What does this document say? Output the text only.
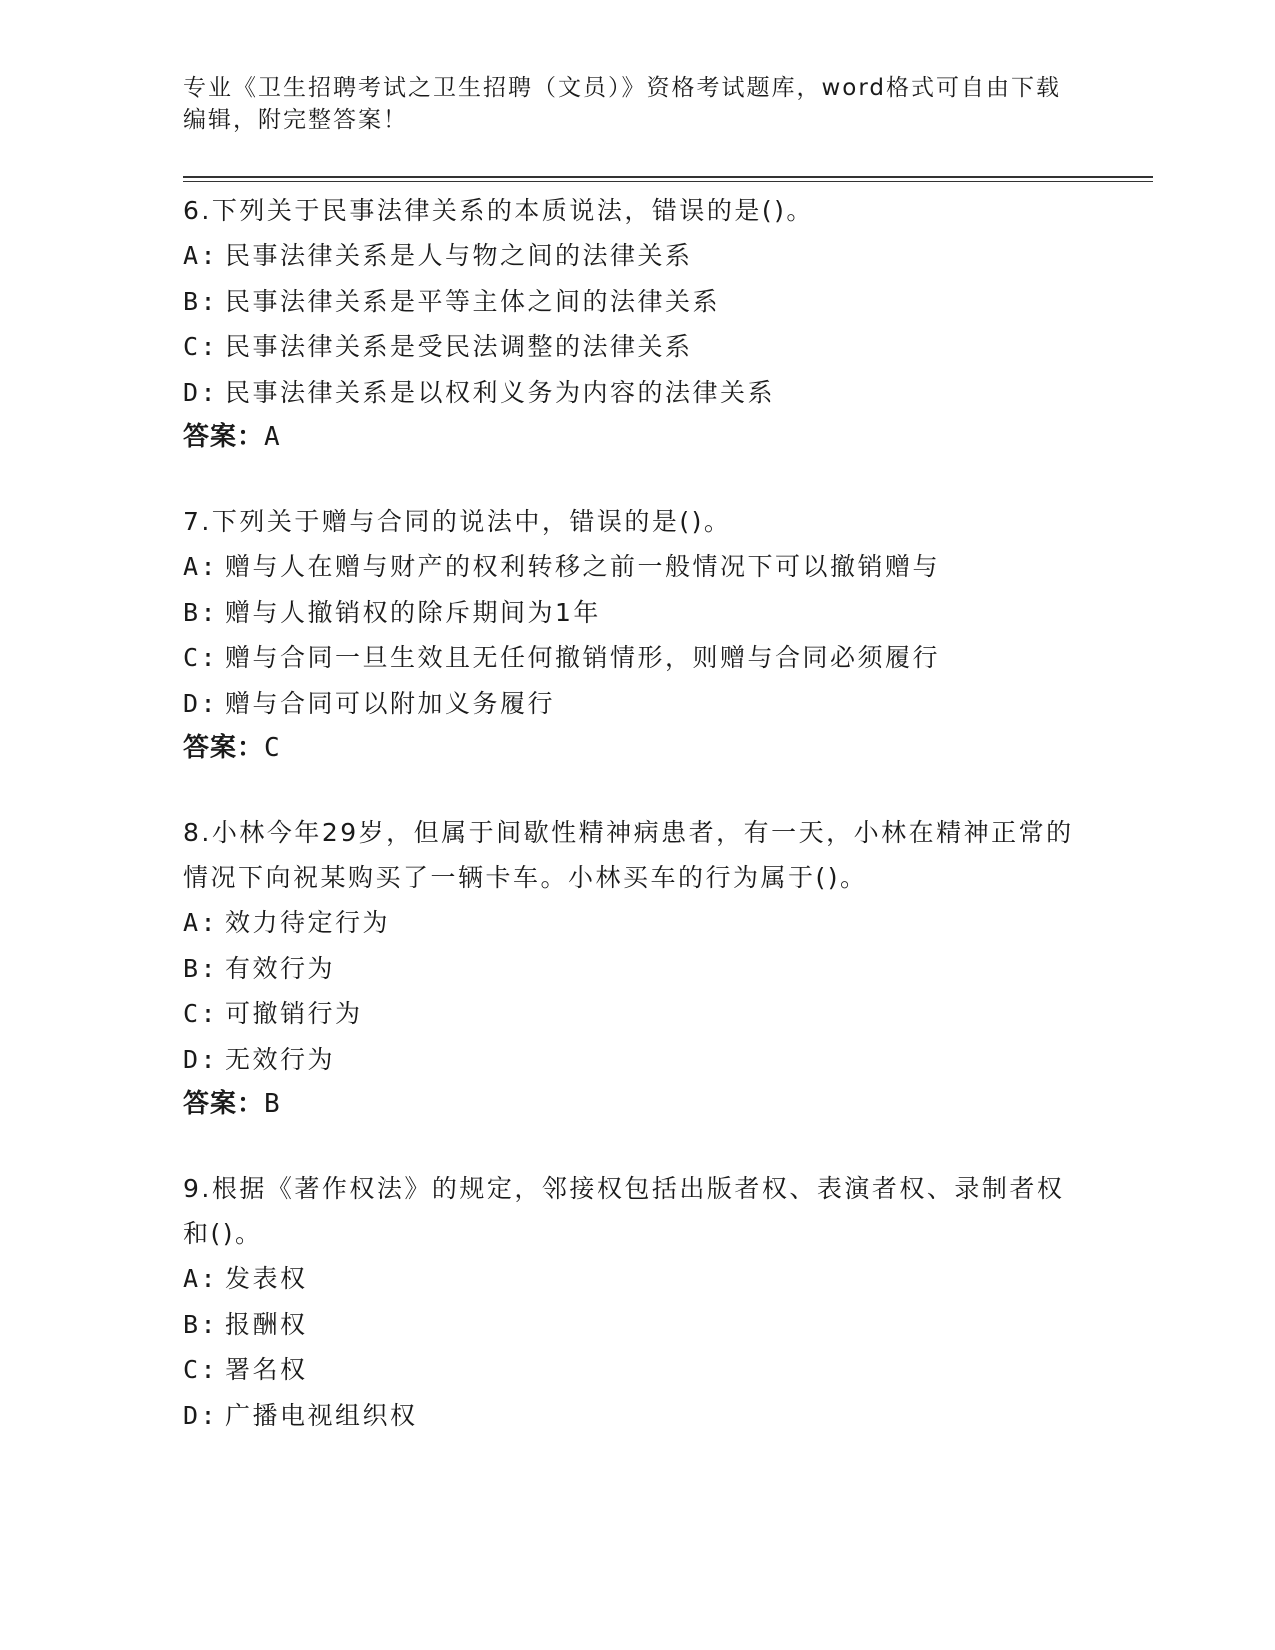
专业《卫生招聘考试之卫生招聘（文员）》资格考试题库，word格式可自由下载编辑，附完整答案！
6.下列关于民事法律关系的本质说法，错误的是()。
A: 民事法律关系是人与物之间的法律关系
B: 民事法律关系是平等主体之间的法律关系
C: 民事法律关系是受民法调整的法律关系
D: 民事法律关系是以权利义务为内容的法律关系
答案：A
7.下列关于赠与合同的说法中，错误的是()。
A: 赠与人在赠与财产的权利转移之前一般情况下可以撤销赠与
B: 赠与人撤销权的除斥期间为1年
C: 赠与合同一旦生效且无任何撤销情形，则赠与合同必须履行
D: 赠与合同可以附加义务履行
答案：C
8.小林今年29岁，但属于间歇性精神病患者，有一天，小林在精神正常的情况下向祝某购买了一辆卡车。小林买车的行为属于()。
A: 效力待定行为
B: 有效行为
C: 可撤销行为
D: 无效行为
答案：B
9.根据《著作权法》的规定，邻接权包括出版者权、表演者权、录制者权和()。
A: 发表权
B: 报酬权
C: 署名权
D: 广播电视组织权
